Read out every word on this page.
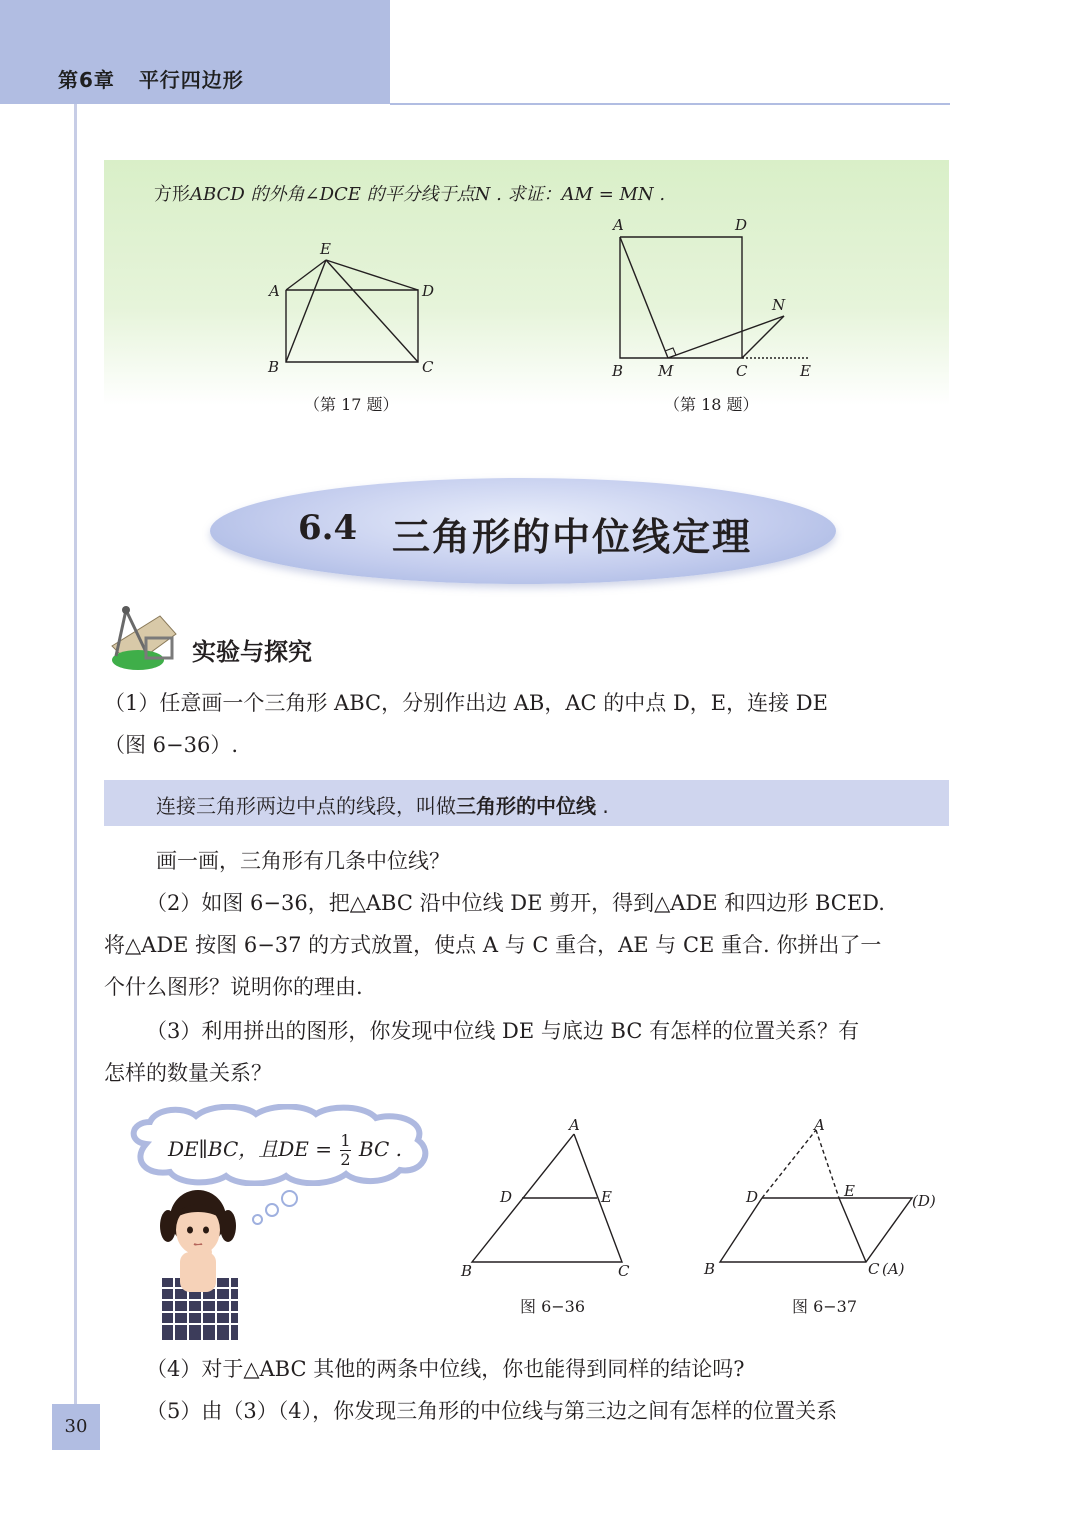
第6章 平行四边形
方形ABCD 的外角∠DCE 的平分线于点N . 求证：AM = MN .
E
A	D
B	C
（第 17 题）
A	D
N
B M	C	E
（第 18 题）
6.4 三角形的中位线定理
实验与探究
（1）任意画一个三角形 ABC，分别作出边 AB，AC 的中点 D，E，连接 DE
（图 6−36）.
连接三角形两边中点的线段，叫做三角形的中位线 .
画一画，三角形有几条中位线？
（2）如图 6−36，把△ABC 沿中位线 DE 剪开，得到△ADE 和四边形 BCED.
将△ADE 按图 6−37 的方式放置，使点 A 与 C 重合，AE 与 CE 重合. 你拼出了一
个什么图形？说明你的理由.
（3）利用拼出的图形，你发现中位线 DE 与底边 BC 有怎样的位置关系？有
怎样的数量关系？
DE∥BC，且DE = $\frac{1}{2}$ BC .
A
D	E
B	C
图 6−36
A
D	E
(D)
B	C (A)
图 6−37
（4）对于△ABC 其他的两条中位线，你也能得到同样的结论吗?
（5）由（3）（4），你发现三角形的中位线与第三边之间有怎样的位置关系
30
